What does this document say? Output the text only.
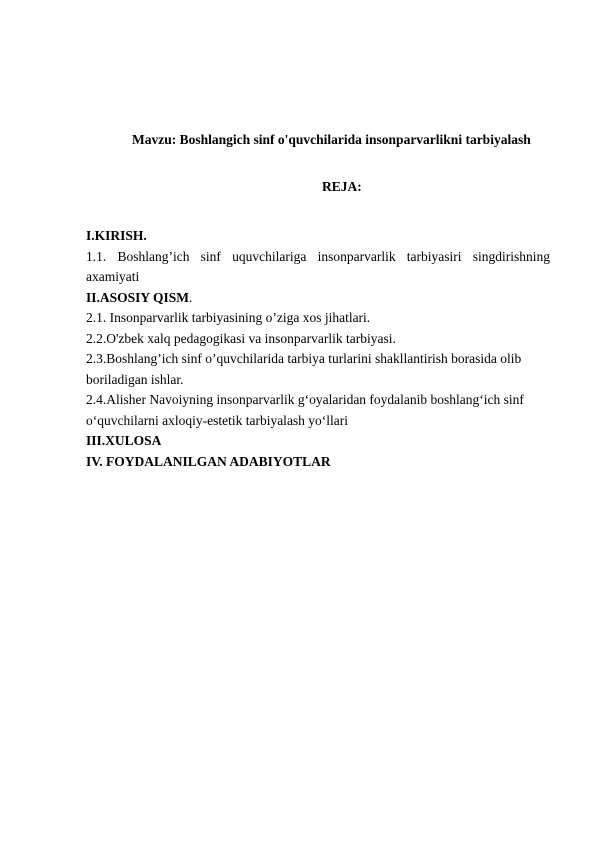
Mavzu: Boshlangich sinf o'quvchilarida insonparvarlikni tarbiyalash
REJA:
I.KIRISH.
1.1. Boshlang’ich sinf uquvchilariga insonparvarlik tarbiyasiri singdirishning
axamiyati
II.ASOSIY QISM.
2.1. Insonparvarlik tarbiyasining o’ziga xos jihatlari.
2.2.O'zbek xalq pedagogikasi va insonparvarlik tarbiyasi.
2.3.Boshlang’ich sinf o’quvchilarida tarbiya turlarini shakllantirish borasida olib
boriladigan ishlar.
2.4.Alisher Navoiyning insonparvarlik g‘oyalaridan foydalanib boshlang‘ich sinf
o‘quvchilarni axloqiy-estetik tarbiyalash yo‘llari
III.XULOSA
IV. FOYDALANILGAN ADABIYOTLAR
